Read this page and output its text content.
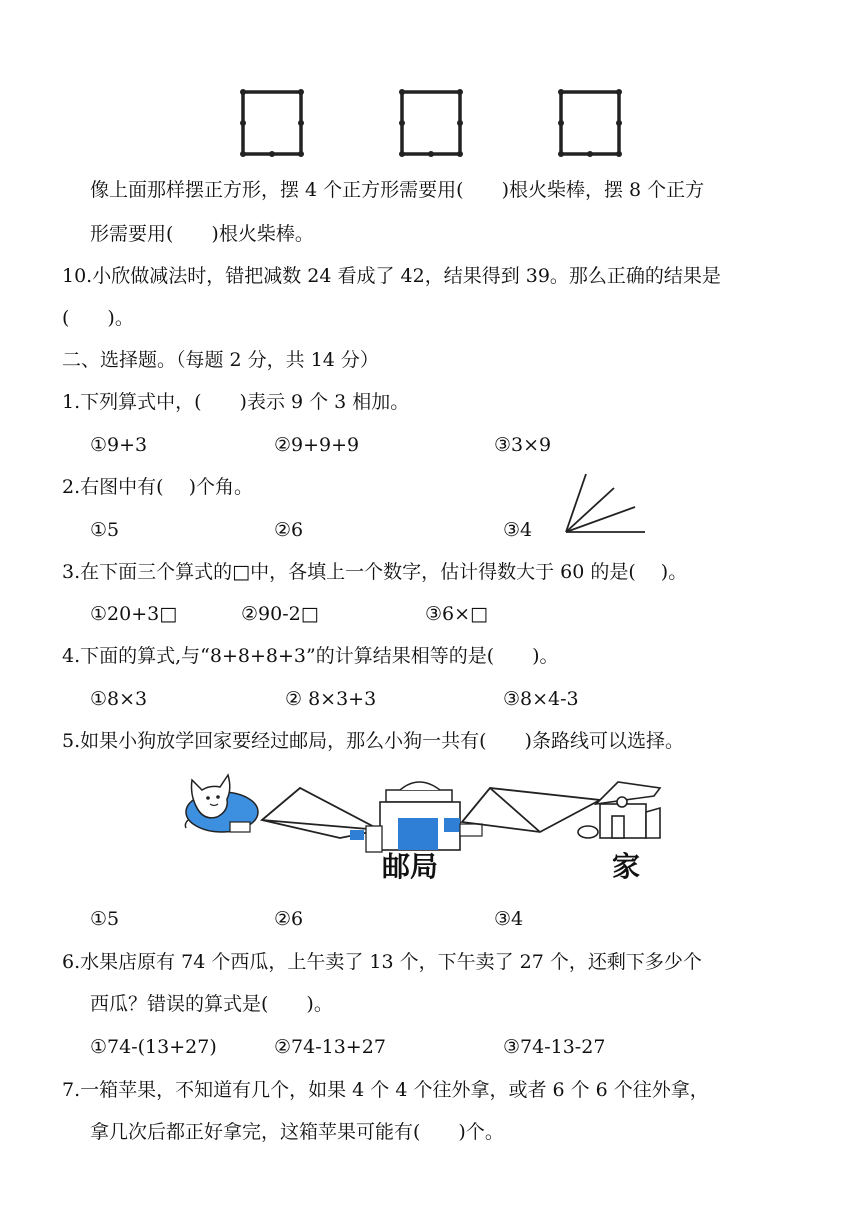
像上面那样摆正方形，摆 4 个正方形需要用(　　)根火柴棒，摆 8 个正方
形需要用(　　)根火柴棒。
10.小欣做减法时，错把减数 24 看成了 42，结果得到 39。那么正确的结果是
(　　)。
二、选择题。（每题 2 分，共 14 分）
1.下列算式中，(　　)表示 9 个 3 相加。
①9+3	②9+9+9	③3×9
2.右图中有(　 )个角。
①5	②6	③4
3.在下面三个算式的□中，各填上一个数字，估计得数大于 60 的是(　 )。
①20+3□	②90-2□	③6×□
4.下面的算式,与“8+8+8+3”的计算结果相等的是(　　)。
①8×3	② 8×3+3	③8×4-3
5.如果小狗放学回家要经过邮局，那么小狗一共有(　　)条路线可以选择。
邮局	家
①5	②6	③4
6.水果店原有 74 个西瓜，上午卖了 13 个，下午卖了 27 个，还剩下多少个
西瓜？错误的算式是(　　)。
①74-(13+27)	②74-13+27	③74-13-27
7.一箱苹果，不知道有几个，如果 4 个 4 个往外拿，或者 6 个 6 个往外拿，
拿几次后都正好拿完，这箱苹果可能有(　　)个。
